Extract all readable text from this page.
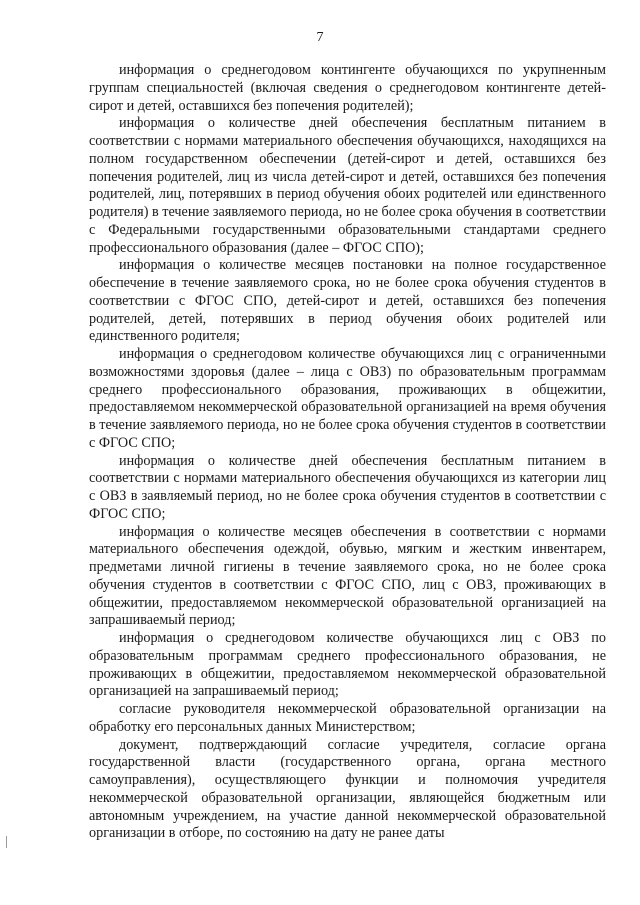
7

информация о среднегодовом контингенте обучающихся по укрупненным группам специальностей (включая сведения о среднегодовом контингенте детей-сирот и детей, оставшихся без попечения родителей);

информация о количестве дней обеспечения бесплатным питанием в соответствии с нормами материального обеспечения обучающихся, находящихся на полном государственном обеспечении (детей-сирот и детей, оставшихся без попечения родителей, лиц из числа детей-сирот и детей, оставшихся без попечения родителей, лиц, потерявших в период обучения обоих родителей или единственного родителя) в течение заявляемого периода, но не более срока обучения в соответствии с Федеральными государственными образовательными стандартами среднего профессионального образования (далее – ФГОС СПО);

информация о количестве месяцев постановки на полное государственное обеспечение в течение заявляемого срока, но не более срока обучения студентов в соответствии с ФГОС СПО, детей-сирот и детей, оставшихся без попечения родителей, детей, потерявших в период обучения обоих родителей или единственного родителя;

информация о среднегодовом количестве обучающихся лиц с ограниченными возможностями здоровья (далее – лица с ОВЗ) по образовательным программам среднего профессионального образования, проживающих в общежитии, предоставляемом некоммерческой образовательной организацией на время обучения в течение заявляемого периода, но не более срока обучения студентов в соответствии с ФГОС СПО;

информация о количестве дней обеспечения бесплатным питанием в соответствии с нормами материального обеспечения обучающихся из категории лиц с ОВЗ в заявляемый период, но не более срока обучения студентов в соответствии с ФГОС СПО;

информация о количестве месяцев обеспечения в соответствии с нормами материального обеспечения одеждой, обувью, мягким и жестким инвентарем, предметами личной гигиены в течение заявляемого срока, но не более срока обучения студентов в соответствии с ФГОС СПО, лиц с ОВЗ, проживающих в общежитии, предоставляемом некоммерческой образовательной организацией на запрашиваемый период;

информация о среднегодовом количестве обучающихся лиц с ОВЗ по образовательным программам среднего профессионального образования, не проживающих в общежитии, предоставляемом некоммерческой образовательной организацией на запрашиваемый период;

согласие руководителя некоммерческой образовательной организации на обработку его персональных данных Министерством;

документ, подтверждающий согласие учредителя, согласие органа государственной власти (государственного органа, органа местного самоуправления), осуществляющего функции и полномочия учредителя некоммерческой образовательной организации, являющейся бюджетным или автономным учреждением, на участие данной некоммерческой образовательной организации в отборе, по состоянию на дату не ранее даты
